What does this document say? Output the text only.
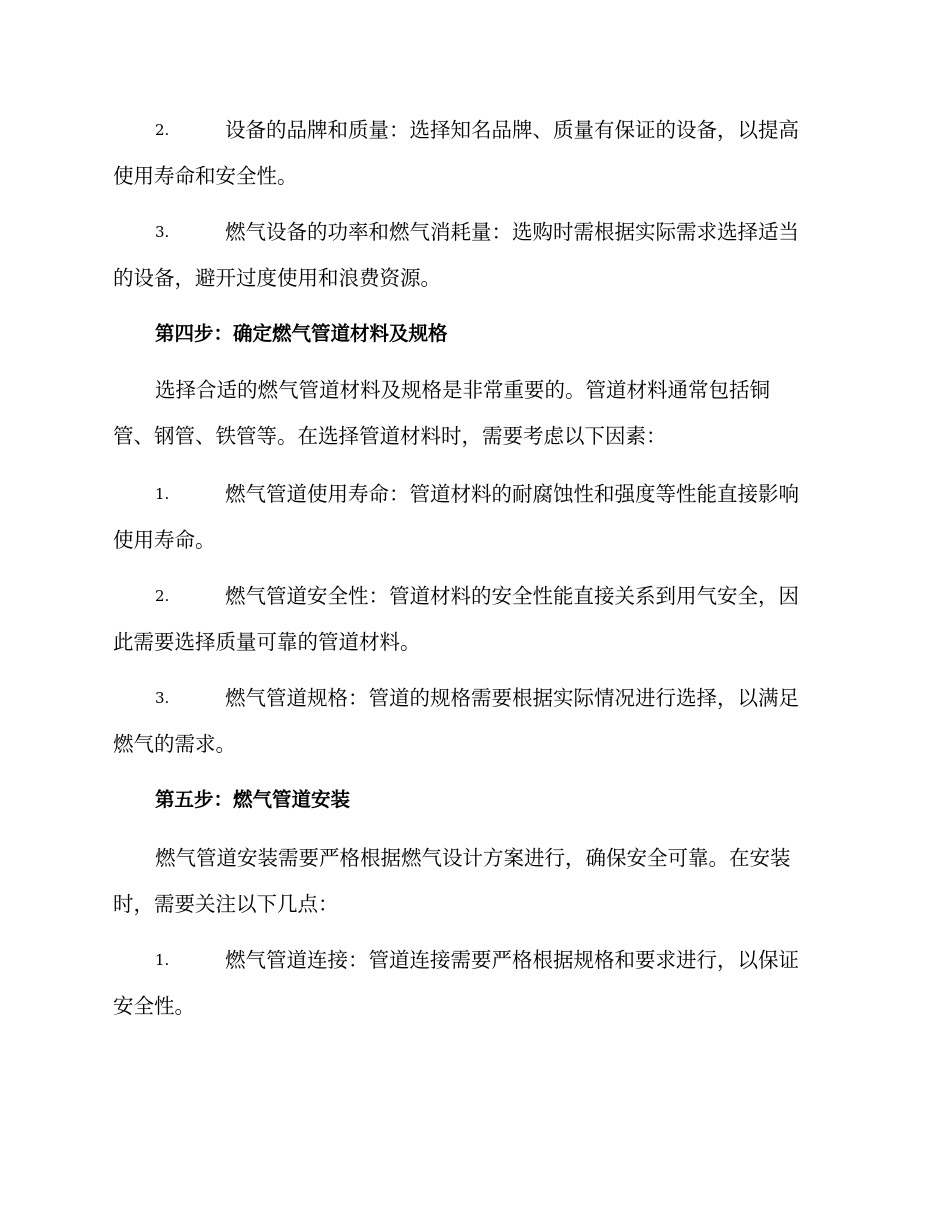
2.	设备的品牌和质量：选择知名品牌、质量有保证的设备，以提高
使用寿命和安全性。
3.	燃气设备的功率和燃气消耗量：选购时需根据实际需求选择适当
的设备，避开过度使用和浪费资源。
第四步：确定燃气管道材料及规格
选择合适的燃气管道材料及规格是非常重要的。管道材料通常包括铜
管、钢管、铁管等。在选择管道材料时，需要考虑以下因素：
1.	燃气管道使用寿命：管道材料的耐腐蚀性和强度等性能直接影响
使用寿命。
2.	燃气管道安全性：管道材料的安全性能直接关系到用气安全，因
此需要选择质量可靠的管道材料。
3.	燃气管道规格：管道的规格需要根据实际情况进行选择，以满足
燃气的需求。
第五步：燃气管道安装
燃气管道安装需要严格根据燃气设计方案进行，确保安全可靠。在安装
时，需要关注以下几点：
1.	燃气管道连接：管道连接需要严格根据规格和要求进行，以保证
安全性。
